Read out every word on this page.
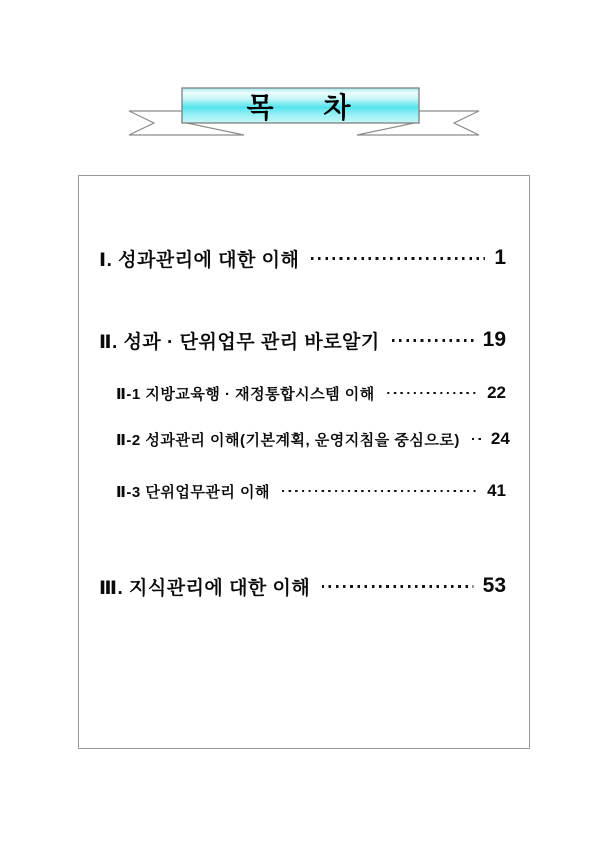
목 차
Ⅰ. 성과관리에 대한 이해	1
Ⅱ. 성과 · 단위업무 관리 바로알기	19
Ⅱ-1 지방교육행 · 재정통합시스템 이해	22
Ⅱ-2 성과관리 이해(기본계획, 운영지침을 중심으로) 24
Ⅱ-3 단위업무관리 이해	41
Ⅲ. 지식관리에 대한 이해	53
